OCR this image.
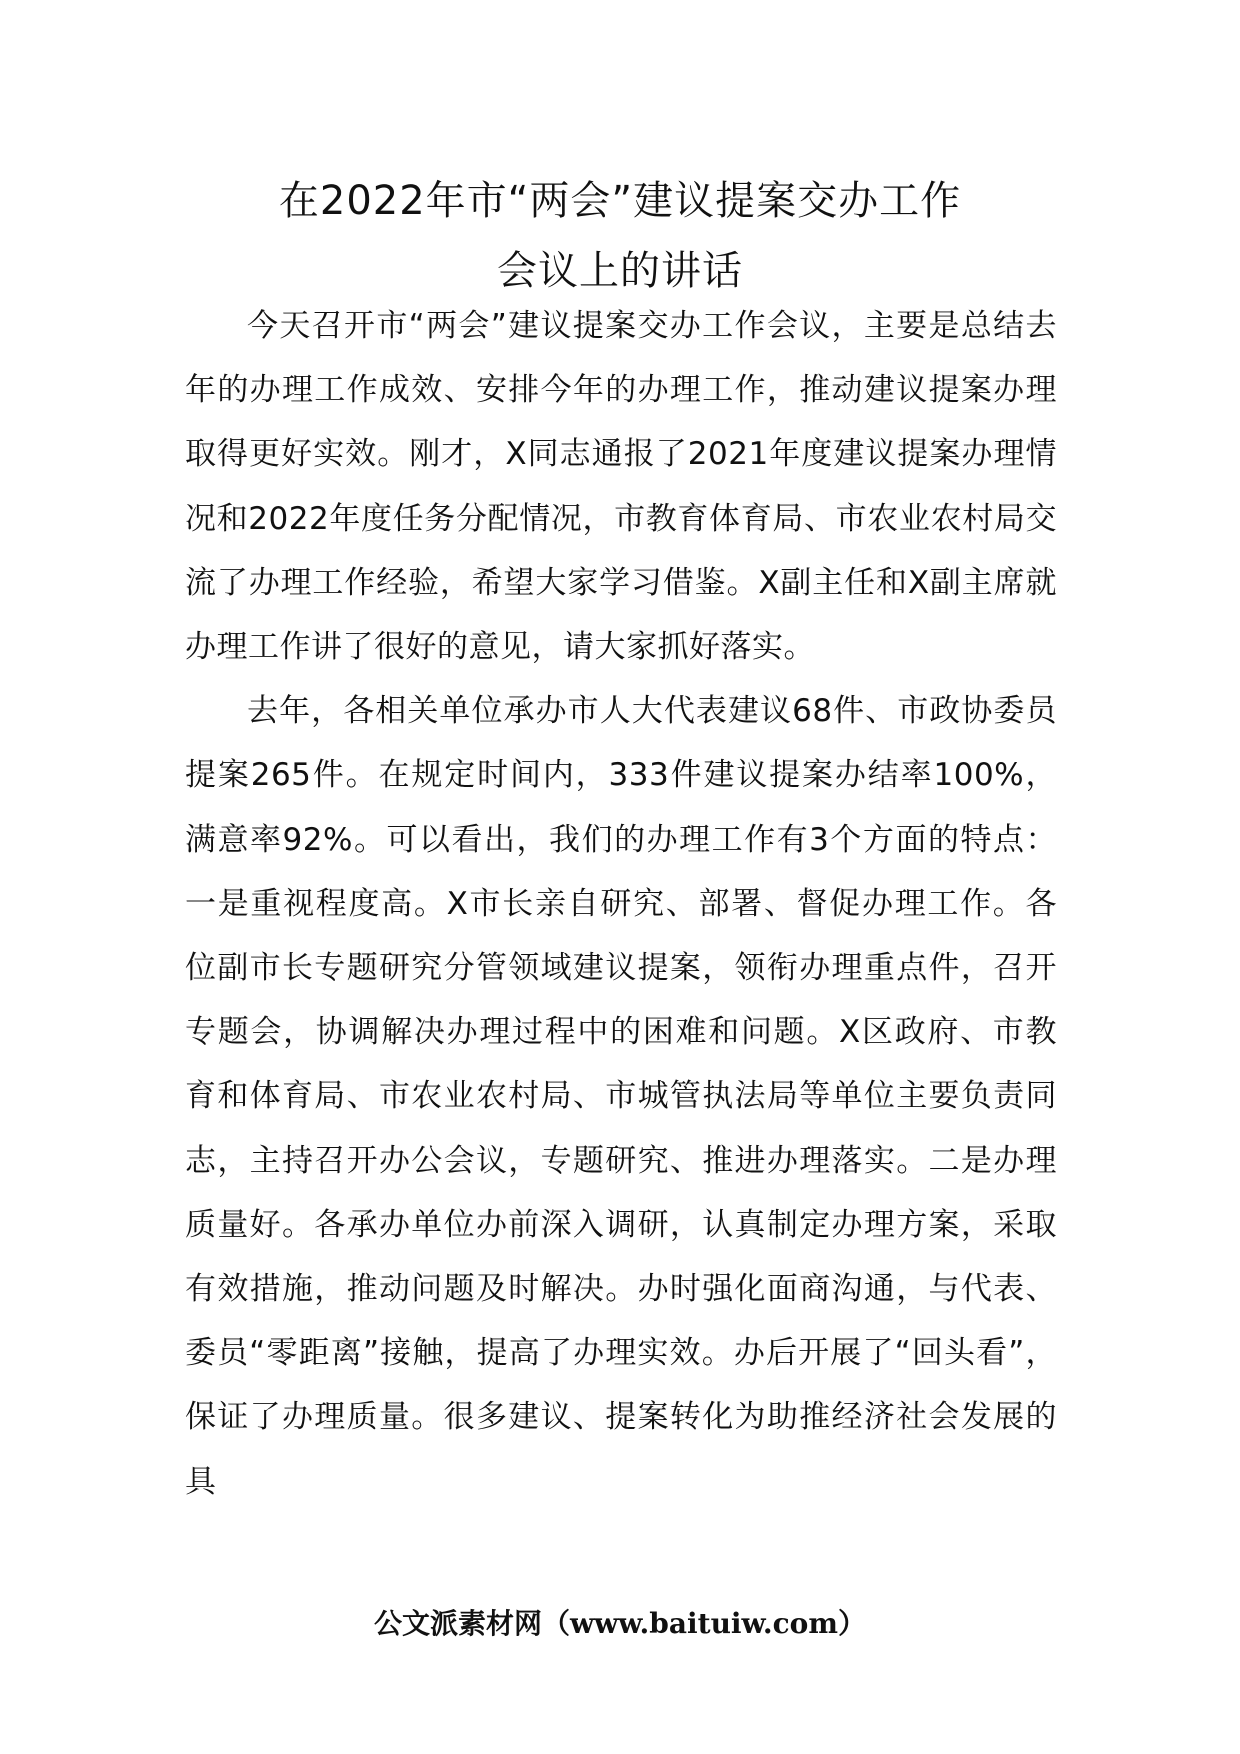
在2022年市“两会”建议提案交办工作
会议上的讲话

今天召开市“两会”建议提案交办工作会议，主要是总结去年的办理工作成效、安排今年的办理工作，推动建议提案办理取得更好实效。刚才，X同志通报了2021年度建议提案办理情况和2022年度任务分配情况，市教育体育局、市农业农村局交流了办理工作经验，希望大家学习借鉴。X副主任和X副主席就办理工作讲了很好的意见，请大家抓好落实。

去年，各相关单位承办市人大代表建议68件、市政协委员提案265件。在规定时间内，333件建议提案办结率100%，满意率92%。可以看出，我们的办理工作有3个方面的特点：一是重视程度高。X市长亲自研究、部署、督促办理工作。各位副市长专题研究分管领域建议提案，领衔办理重点件，召开专题会，协调解决办理过程中的困难和问题。X区政府、市教育和体育局、市农业农村局、市城管执法局等单位主要负责同志，主持召开办公会议，专题研究、推进办理落实。二是办理质量好。各承办单位办前深入调研，认真制定办理方案，采取有效措施，推动问题及时解决。办时强化面商沟通，与代表、委员“零距离”接触，提高了办理实效。办后开展了“回头看”，保证了办理质量。很多建议、提案转化为助推经济社会发展的具

公文派素材网（www.baituiw.com）
